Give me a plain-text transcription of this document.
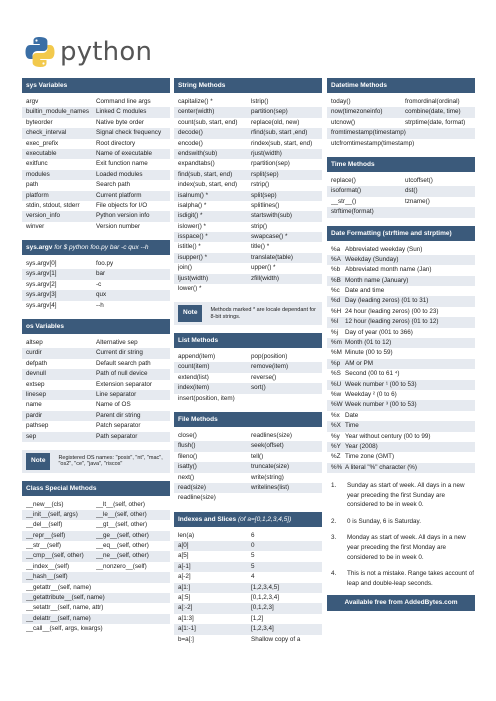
python
sys Variables
argv	Command line args
builtin_module_names	Linked C modules
byteorder	Native byte order
check_interval	Signal check frequency
exec_prefix	Root directory
executable	Name of executable
exitfunc	Exit function name
modules	Loaded modules
path	Search path
platform	Current platform
stdin, stdout, stderr	File objects for I/O
version_info	Python version info
winver	Version number
sys.argv for $ python foo.py bar -c qux --h
sys.argv[0]	foo.py
sys.argv[1]	bar
sys.argv[2]	-c
sys.argv[3]	qux
sys.argv[4]	--h
os Variables
altsep	Alternative sep
curdir	Current dir string
defpath	Default search path
devnull	Path of null device
extsep	Extension separator
linesep	Line separator
name	Name of OS
pardir	Parent dir string
pathsep	Patch separator
sep	Path separator
Note	Registered OS names: "posix", "nt", "mac", "os2", "ce", "java", "riscos"
Class Special Methods
__new__(cls)	__lt__(self, other)
__init__(self, args)	__le__(self, other)
__del__(self)	__gt__(self, other)
__repr__(self)	__ge__(self, other)
__str__(self)	__eq__(self, other)
__cmp__(self, other)	__ne__(self, other)
__index__(self)	__nonzero__(self)
__hash__(self)
__getattr__(self, name)
__getattribute__(self, name)
__setattr__(self, name, attr)
__delattr__(self, name)
__call__(self, args, kwargs)
String Methods
capitalize() *	lstrip()
center(width)	partition(sep)
count(sub, start, end)	replace(old, new)
decode()	rfind(sub, start ,end)
encode()	rindex(sub, start, end)
endswith(sub)	rjust(width)
expandtabs()	rpartition(sep)
find(sub, start, end)	rsplit(sep)
index(sub, start, end)	rstrip()
isalnum() *	split(sep)
isalpha() *	splitlines()
isdigit() *	startswith(sub)
islower() *	strip()
isspace() *	swapcase() *
istitle() *	title() *
isupper() *	translate(table)
join()	upper() *
ljust(width)	zfill(width)
lower() *
Note	Methods marked * are locale dependant for 8-bit strings.
List Methods
append(item)	pop(position)
count(item)	remove(item)
extend(list)	reverse()
index(item)	sort()
insert(position, item)
File Methods
close()	readlines(size)
flush()	seek(offset)
fileno()	tell()
isatty()	truncate(size)
next()	write(string)
read(size)	writelines(list)
readline(size)
Indexes and Slices (of a=[0,1,2,3,4,5])
len(a)	6
a[0]	0
a[5]	5
a[-1]	5
a[-2]	4
a[1:]	[1,2,3,4,5]
a[:5]	[0,1,2,3,4]
a[:-2]	[0,1,2,3]
a[1:3]	[1,2]
a[1:-1]	[1,2,3,4]
b=a[:]	Shallow copy of a
Datetime Methods
today()	fromordinal(ordinal)
now(timezoneinfo)	combine(date, time)
utcnow()	strptime(date, format)
fromtimestamp(timestamp)
utcfromtimestamp(timestamp)
Time Methods
replace()	utcoffset()
isoformat()	dst()
__str__()	tzname()
strftime(format)
Date Formatting (strftime and strptime)
%a Abbreviated weekday (Sun)
%A Weekday (Sunday)
%b Abbreviated month name (Jan)
%B Month name (January)
%c Date and time
%d Day (leading zeros) (01 to 31)
%H 24 hour (leading zeros) (00 to 23)
%I	12 hour (leading zeros) (01 to 12)
%j	Day of year (001 to 366)
%m Month (01 to 12)
%M Minute (00 to 59)
%p AM or PM
%S Second (00 to 61 ⁴)
%U Week number ¹ (00 to 53)
%w Weekday ² (0 to 6)
%W Week number ³ (00 to 53)
%x Date
%X Time
%y Year without century (00 to 99)
%Y Year (2008)
%Z Time zone (GMT)
%% A literal "%" character (%)
1.	Sunday as start of week. All days in a new year preceding the first Sunday are considered to be in week 0.
2.	0 is Sunday, 6 is Saturday.
3.	Monday as start of week. All days in a new year preceding the first Monday are considered to be in week 0.
4.	This is not a mistake. Range takes account of leap and double-leap seconds.
Available free from AddedBytes.com
